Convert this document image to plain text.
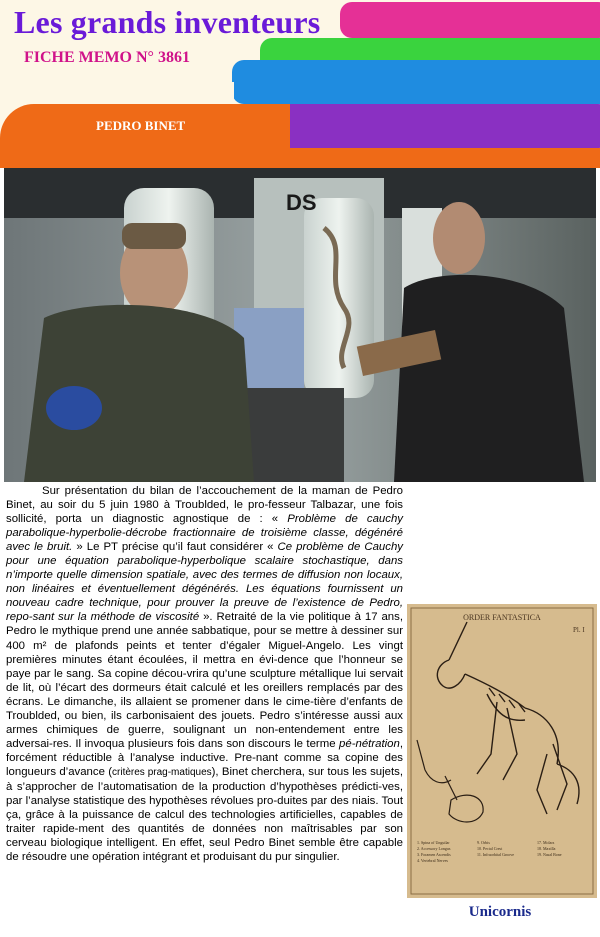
Les grands inventeurs
FICHE MEMO N° 3861
PEDRO BINET
DS

Sur présentation du bilan de l’accouchement de la maman de Pedro Binet, au soir du 5 juin 1980 à Troublded, le pro-fesseur Talbazar, une fois sollicité, porta un diagnostic agnostique de : « Problème de cauchy parabolique-hyperbolie-décrobe fractionnaire de troisième classe, dégénéré avec le bruit. » Le PT précise qu’il faut considérer « Ce problème de Cauchy pour une équation parabolique-hyperbolique scalaire stochastique, dans n’importe quelle dimension spatiale, avec des termes de diffusion non locaux, non linéaires et éventuellement dégénérés. Les équations fournissent un nouveau cadre technique, pour prouver la preuve de l’existence de Pedro, repo-sant sur la méthode de viscosité ». Retraité de la vie politique à 17 ans, Pedro le mythique prend une année sabbatique, pour se mettre à dessiner sur 400 m² de plafonds peints et tenter d’égaler Miguel-Angelo. Les vingt premières minutes étant écoulées, il mettra en évi-dence que l’honneur se paye par le sang. Sa copine décou-vrira qu’une sculpture métallique lui servait de lit, où l’écart des dormeurs était calculé et les oreillers remplacés par des écrans. Le dimanche, ils allaient se promener dans le cime-tière d’enfants de Troublded, ou bien, ils carbonisaient des jouets. Pedro s’intéresse aussi aux armes chimiques de guerre, soulignant un non-entendement entre les adversai-res. Il invoqua plusieurs fois dans son discours le terme pé-nétration, forcément réductible à l’analyse inductive. Pre-nant comme sa copine des longueurs d’avance (critères prag-matiques), Binet cherchera, sur tous les sujets, à s’approcher de l’automatisation de la production d’hypothèses prédicti-ves, par l’analyse statistique des hypothèses révolues pro-duites par des niais. Tout ça, grâce à la puissance de calcul des technologies artificielles, capables de traiter rapide-ment des quantités de données non maîtrisables par son cerveau biologique intelligent. En effet, seul Pedro Binet semble être capable de résoudre une opération intégrant et produisant du pur singulier.

ORDER FANTASTICA
Pl. I
1. Spina of Unguilar
2. Accessory Longus
3. Foramen Ascendis
4. Vertebral Nerves
9. Orbis
10. Pectal Crest
11. Infraorbital Groove
17. Molars
18. Maxilla
19. Nasal Bone
Unicornis
